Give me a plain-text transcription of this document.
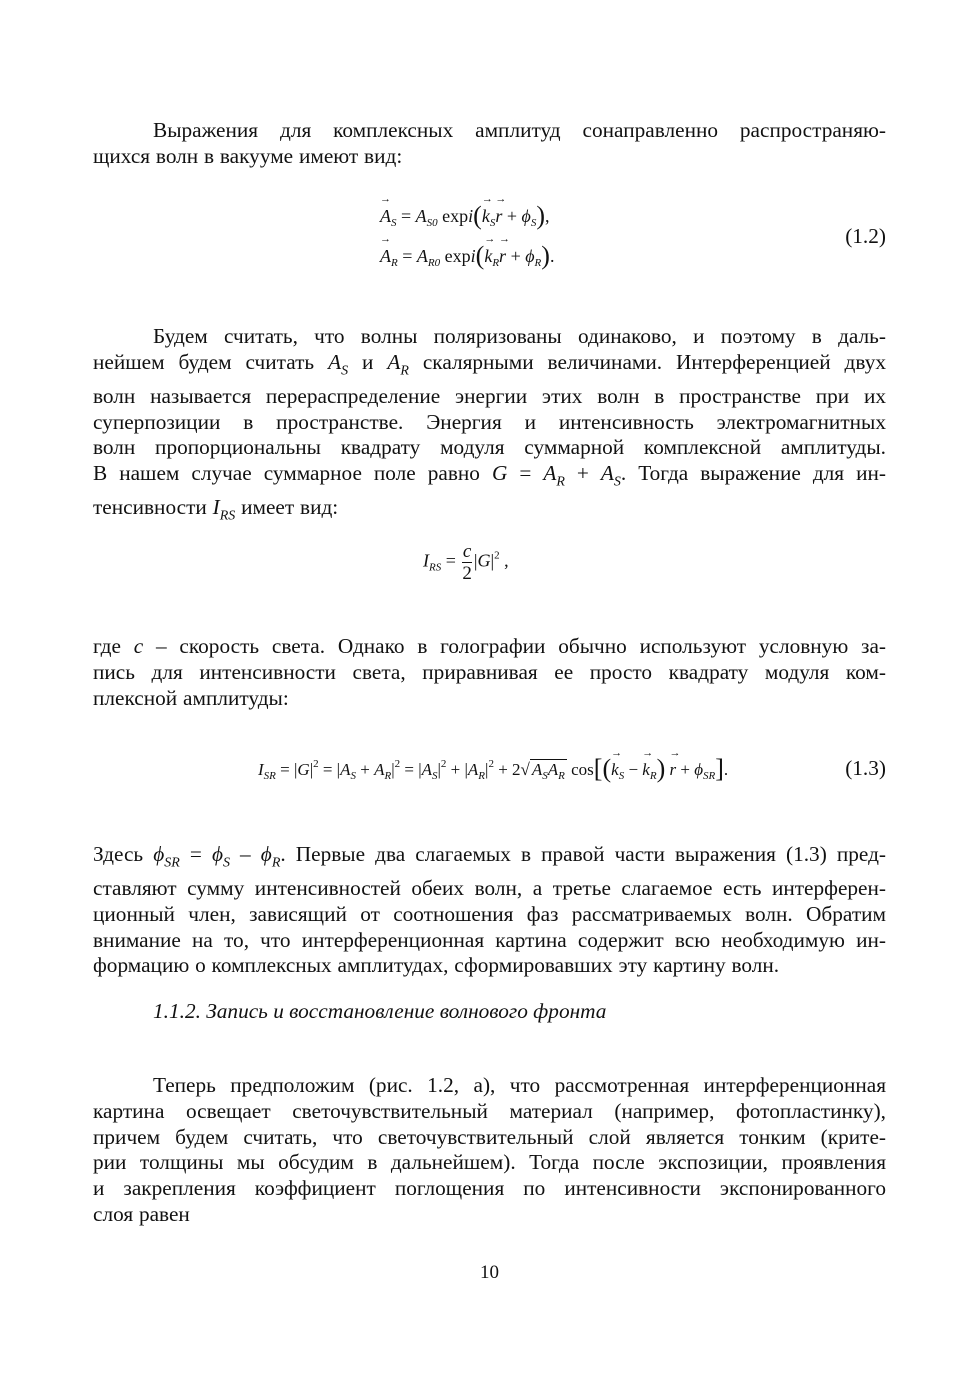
Выражения для комплексных амплитуд сонаправленно распространяю-
щихся волн в вакууме имеют вид:

→ $A_S = A_{S0}$ $\exp i(\to k_S\to r + \phi_S)$,
→ $A_R = A_{R0}$ $\exp i(\to k_R\to r + \phi_R)$.
(1.2)

Будем считать, что волны поляризованы одинаково, и поэтому в даль-
нейшем будем считать $A_S$ и $A_R$ скалярными величинами. Интерференцией двух
волн называется перераспределение энергии этих волн в пространстве при их
суперпозиции в пространстве. Энергия и интенсивность электромагнитных
волн пропорциональны квадрату модуля суммарной комплексной амплитуды.
В нашем случае суммарное поле равно $G = A_R + A_S$. Тогда выражение для ин-
тенсивности $I_{RS}$ имеет вид:

$I_{RS} = \frac{c}{2} |G|^2$ ,

где c – скорость света. Однако в голографии обычно используют условную за-
пись для интенсивности света, приравнивая ее просто квадрату модуля ком-
плексной амплитуды:

$I_{SR} = |G|^2 = |A_S + A_R|^2 = |A_S|^2 + |A_R|^2 + 2√$ $A_SA_R$ $\cos[(\to k_S$ − → $k_R) \to r + \phi_{SR}$].	(1.3)

Здесь $\phi_{SR} = \phi_S - \phi_R$. Первые два слагаемых в правой части выражения (1.3) пред-
ставляют сумму интенсивностей обеих волн, а третье слагаемое есть интерферен-
ционный член, зависящий от соотношения фаз рассматриваемых волн. Обратим
внимание на то, что интерференционная картина содержит всю необходимую ин-
формацию о комплексных амплитудах, сформировавших эту картину волн.

1.1.2. Запись и восстановление волнового фронта

Теперь предположим (рис. 1.2, а), что рассмотренная интерференционная
картина освещает светочувствительный материал (например, фотопластинку),
причем будем считать, что светочувствительный слой является тонким (крите-
рии толщины мы обсудим в дальнейшем). Тогда после экспозиции, проявления
и закрепления коэффициент поглощения по интенсивности экспонированного
слоя равен

10
